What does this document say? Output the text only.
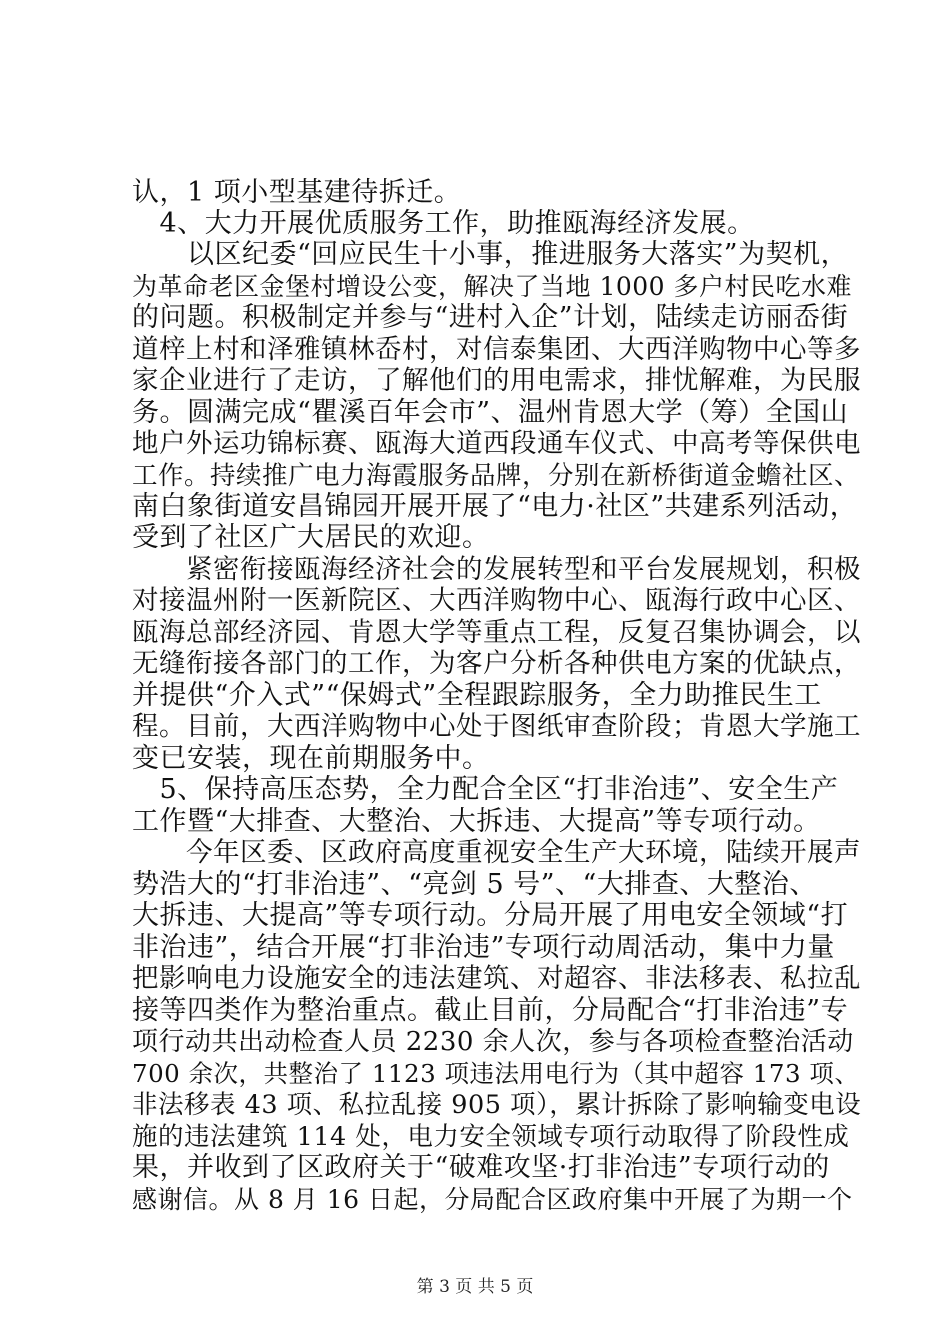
认，1 项小型基建待拆迁。
　4、大力开展优质服务工作，助推瓯海经济发展。
　　以区纪委“回应民生十小事，推进服务大落实”为契机，
为革命老区金堡村增设公变，解决了当地 1000 多户村民吃水难
的问题。积极制定并参与“进村入企”计划，陆续走访丽岙街
道梓上村和泽雅镇林岙村，对信泰集团、大西洋购物中心等多
家企业进行了走访，了解他们的用电需求，排忧解难，为民服
务。圆满完成“瞿溪百年会市”、温州肯恩大学（筹）全国山
地户外运功锦标赛、瓯海大道西段通车仪式、中高考等保供电
工作。持续推广电力海霞服务品牌，分别在新桥街道金蟾社区、
南白象街道安昌锦园开展开展了“电力·社区”共建系列活动，
受到了社区广大居民的欢迎。
　　紧密衔接瓯海经济社会的发展转型和平台发展规划，积极
对接温州附一医新院区、大西洋购物中心、瓯海行政中心区、
瓯海总部经济园、肯恩大学等重点工程，反复召集协调会，以
无缝衔接各部门的工作，为客户分析各种供电方案的优缺点，
并提供“介入式”“保姆式”全程跟踪服务，全力助推民生工
程。目前，大西洋购物中心处于图纸审查阶段；肯恩大学施工
变已安装，现在前期服务中。
　5、保持高压态势，全力配合全区“打非治违”、安全生产
工作暨“大排查、大整治、大拆违、大提高”等专项行动。
　　今年区委、区政府高度重视安全生产大环境，陆续开展声
势浩大的“打非治违”、“亮剑 5 号”、“大排查、大整治、
大拆违、大提高”等专项行动。分局开展了用电安全领域“打
非治违”，结合开展“打非治违”专项行动周活动，集中力量
把影响电力设施安全的违法建筑、对超容、非法移表、私拉乱
接等四类作为整治重点。截止目前，分局配合“打非治违”专
项行动共出动检查人员 2230 余人次，参与各项检查整治活动
700 余次，共整治了 1123 项违法用电行为（其中超容 173 项、
非法移表 43 项、私拉乱接 905 项），累计拆除了影响输变电设
施的违法建筑 114 处，电力安全领域专项行动取得了阶段性成
果，并收到了区政府关于“破难攻坚·打非治违”专项行动的
感谢信。从 8 月 16 日起，分局配合区政府集中开展了为期一个
第 3 页 共 5 页
